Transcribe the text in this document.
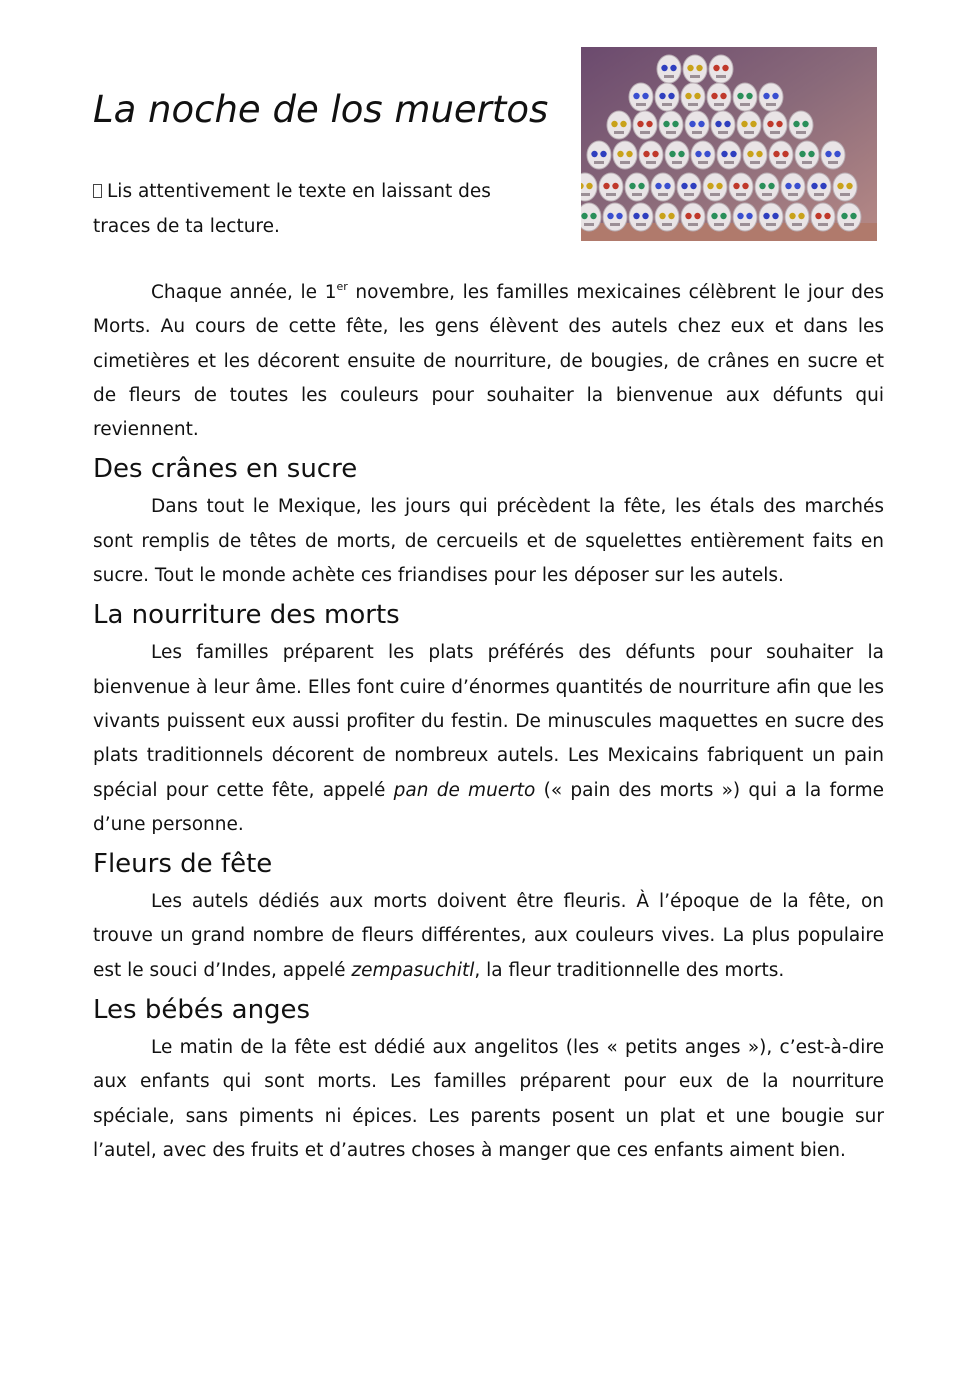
La noche de los muertos

Lis attentivement le texte en laissant des traces de ta lecture.

Chaque année, le 1er novembre, les familles mexicaines célèbrent le jour des Morts. Au cours de cette fête, les gens élèvent des autels chez eux et dans les cimetières et les décorent ensuite de nourriture, de bougies, de crânes en sucre et de fleurs de toutes les couleurs pour souhaiter la bienvenue aux défunts qui reviennent.

Des crânes en sucre

Dans tout le Mexique, les jours qui précèdent la fête, les étals des marchés sont remplis de têtes de morts, de cercueils et de squelettes entièrement faits en sucre. Tout le monde achète ces friandises pour les déposer sur les autels.

La nourriture des morts

Les familles préparent les plats préférés des défunts pour souhaiter la bienvenue à leur âme. Elles font cuire d’énormes quantités de nourriture afin que les vivants puissent eux aussi profiter du festin. De minuscules maquettes en sucre des plats traditionnels décorent de nombreux autels. Les Mexicains fabriquent un pain spécial pour cette fête, appelé pan de muerto (« pain des morts ») qui a la forme d’une personne.

Fleurs de fête

Les autels dédiés aux morts doivent être fleuris. À l’époque de la fête, on trouve un grand nombre de fleurs différentes, aux couleurs vives. La plus populaire est le souci d’Indes, appelé zempasuchitl, la fleur traditionnelle des morts.

Les bébés anges

Le matin de la fête est dédié aux angelitos (les « petits anges »), c’est-à-dire aux enfants qui sont morts. Les familles préparent pour eux de la nourriture spéciale, sans piments ni épices. Les parents posent un plat et une bougie sur l’autel, avec des fruits et d’autres choses à manger que ces enfants aiment bien.
